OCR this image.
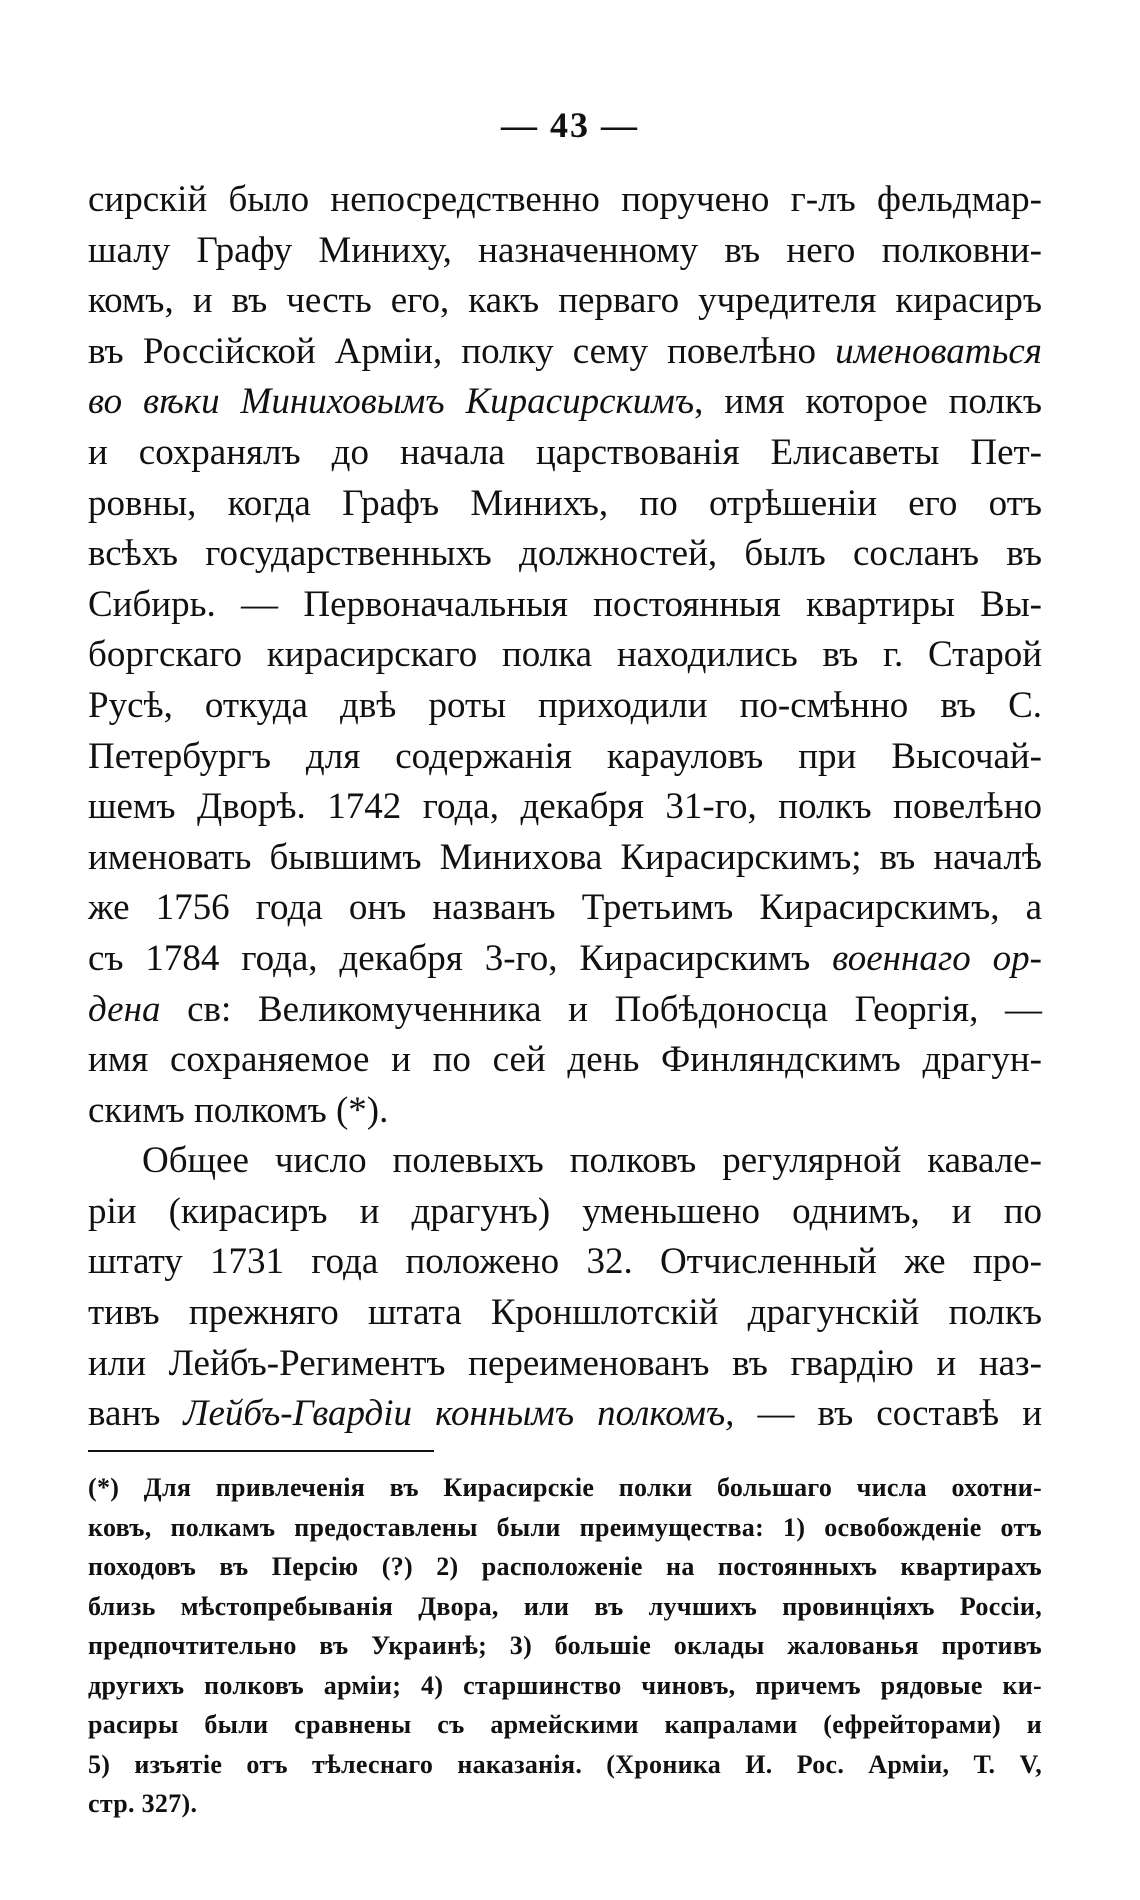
— 43 —
сирскій было непосредственно поручено г-лъ фельдмар-
шалу Графу Миниху, назначенному въ него полковни-
комъ, и въ честь его, какъ перваго учредителя кирасиръ
въ Россійской Арміи, полку сему повелѣно именоваться
во вѣки Миниховымъ Кирасирскимъ, имя которое полкъ
и сохранялъ до начала царствованія Елисаветы Пет-
ровны, когда Графъ Минихъ, по отрѣшеніи его отъ
всѣхъ государственныхъ должностей, былъ сосланъ въ
Сибирь. — Первоначальныя постоянныя квартиры Вы-
боргскаго кирасирскаго полка находились въ г. Старой
Русѣ, откуда двѣ роты приходили по-смѣнно въ С.
Петербургъ для содержанія карауловъ при Высочай-
шемъ Дворѣ. 1742 года, декабря 31-го, полкъ повелѣно
именовать бывшимъ Миниxова Кирасирскимъ; въ началѣ
же 1756 года онъ названъ Третьимъ Кирасирскимъ, а
съ 1784 года, декабря 3-го, Кирасирскимъ военнаго ор-
дена св: Великомученника и Побѣдоносца Георгія, —
имя сохраняемое и по сей день Финляндскимъ драгун-
скимъ полкомъ (*).
Общее число полевыхъ полковъ регулярной кавале-
ріи (кирасиръ и драгунъ) уменьшено однимъ, и по
штату 1731 года положено 32. Отчисленный же про-
тивъ прежняго штата Кроншлотскій драгунскій полкъ
или Лейбъ-Региментъ переименованъ въ гвардію и наз-
ванъ Лейбъ-Гвардіи коннымъ полкомъ, — въ составѣ и
(*) Для привлеченія въ Кирасирскіе полки большаго числа охотни-
ковъ, полкамъ предоставлены были преимущества: 1) освобожденіе отъ
походовъ въ Персію (?) 2) расположеніе на постоянныхъ квартирахъ
близь мѣстопребыванія Двора, или въ лучшихъ провинціяхъ Россіи,
предпочтительно въ Украинѣ; 3) большіе оклады жалованья противъ
другихъ полковъ арміи; 4) старшинство чиновъ, причемъ рядовые ки-
расиры были сравнены съ армейскими капралами (ефрейторами) и
5) изъятіе отъ тѣлеснаго наказанія. (Хроника И. Рос. Арміи, Т. V,
стр. 327).
